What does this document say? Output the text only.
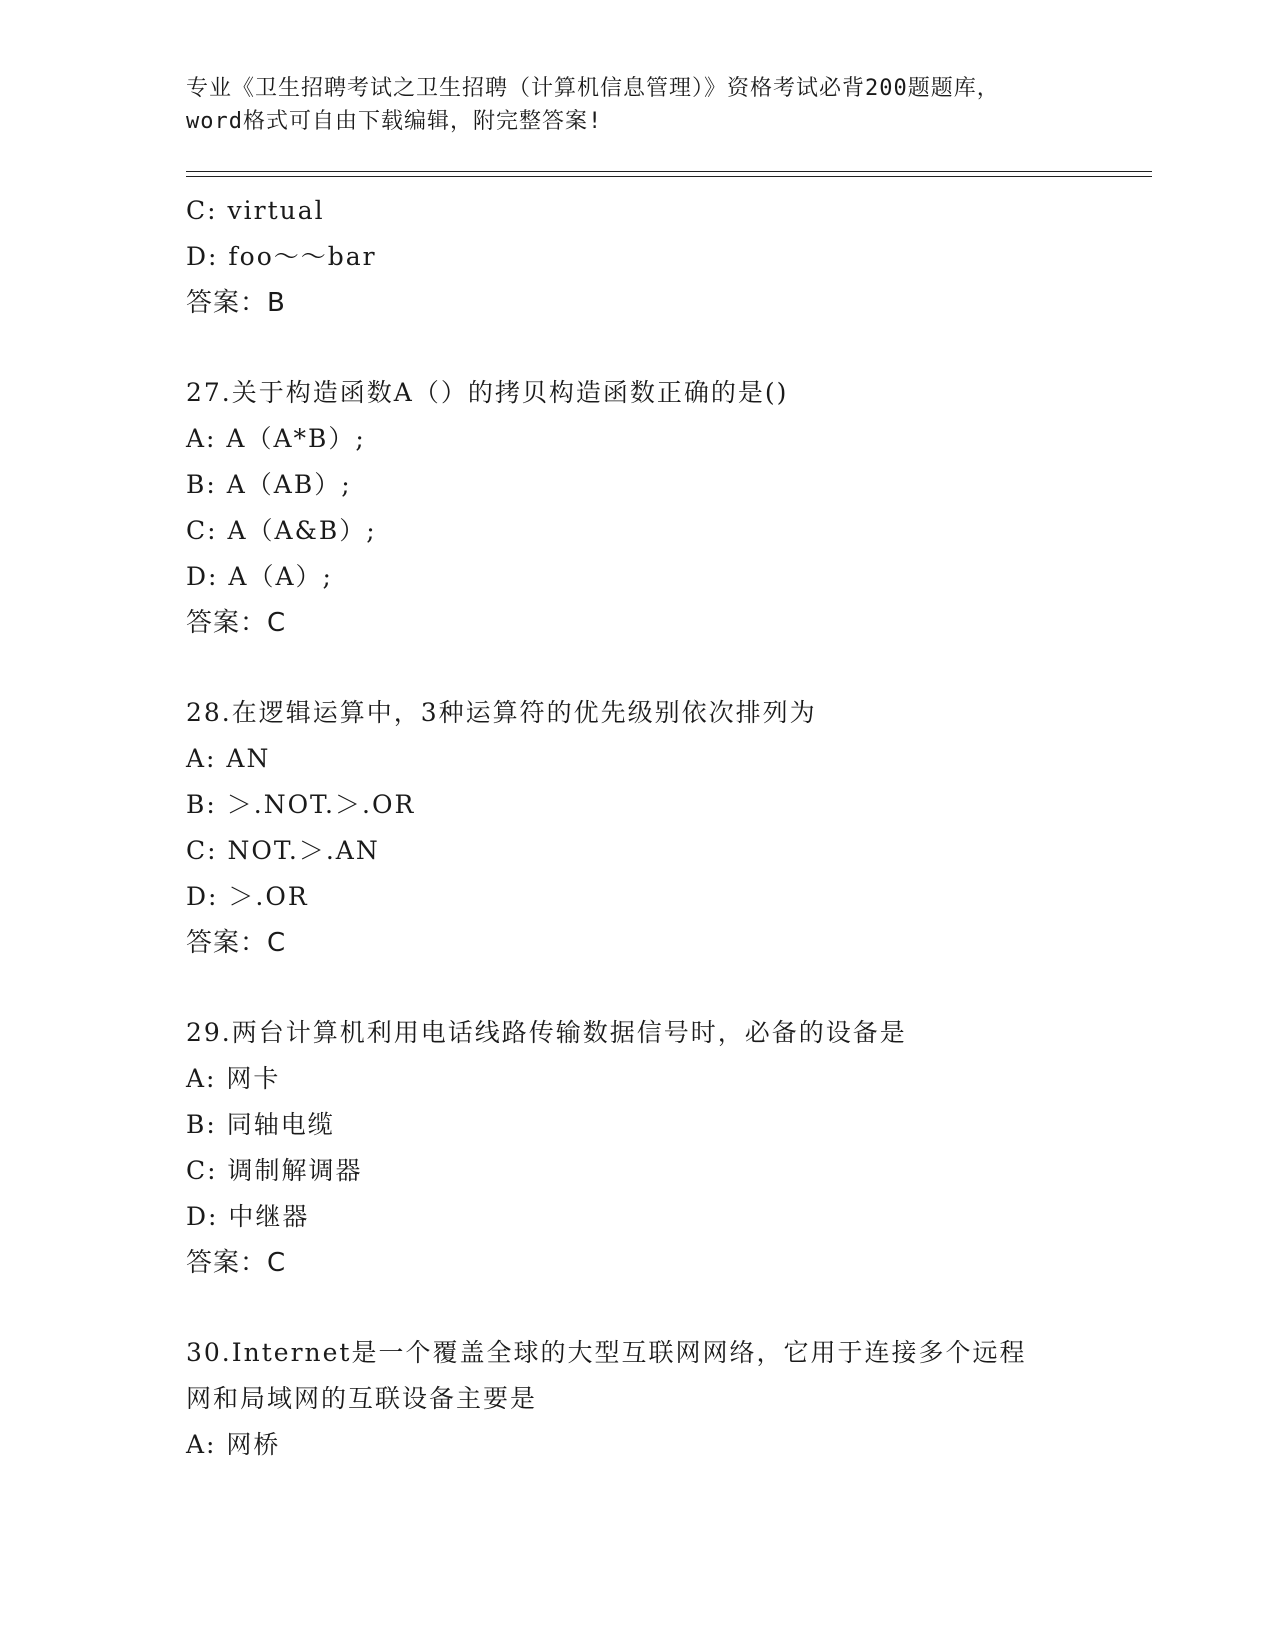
专业《卫生招聘考试之卫生招聘（计算机信息管理）》资格考试必背200题题库，
word格式可自由下载编辑，附完整答案!
C: virtual
D: foo～～bar
答案：B
27.关于构造函数A（）的拷贝构造函数正确的是()
A: A（A*B）;
B: A（AB）;
C: A（A&B）;
D: A（A）;
答案：C
28.在逻辑运算中，3种运算符的优先级别依次排列为
A: AN
B: ＞.NOT.＞.OR
C: NOT.＞.AN
D: ＞.OR
答案：C
29.两台计算机利用电话线路传输数据信号时，必备的设备是
A: 网卡
B: 同轴电缆
C: 调制解调器
D: 中继器
答案：C
30.Internet是一个覆盖全球的大型互联网网络，它用于连接多个远程
网和局域网的互联设备主要是
A: 网桥
